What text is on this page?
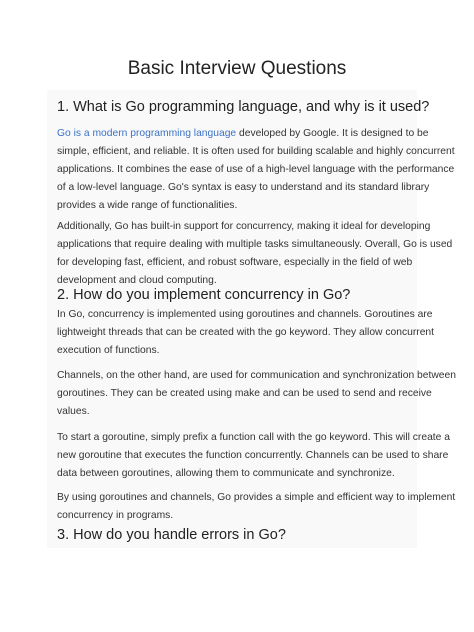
Basic Interview Questions
1. What is Go programming language, and why is it used?

Go is a modern programming language developed by Google. It is designed to be
simple, efficient, and reliable. It is often used for building scalable and highly concurrent
applications. It combines the ease of use of a high-level language with the performance
of a low-level language. Go's syntax is easy to understand and its standard library
provides a wide range of functionalities.

Additionally, Go has built-in support for concurrency, making it ideal for developing
applications that require dealing with multiple tasks simultaneously. Overall, Go is used
for developing fast, efficient, and robust software, especially in the field of web
development and cloud computing.

2. How do you implement concurrency in Go?

In Go, concurrency is implemented using goroutines and channels. Goroutines are
lightweight threads that can be created with the go keyword. They allow concurrent
execution of functions.

Channels, on the other hand, are used for communication and synchronization between
goroutines. They can be created using make and can be used to send and receive
values.

To start a goroutine, simply prefix a function call with the go keyword. This will create a
new goroutine that executes the function concurrently. Channels can be used to share
data between goroutines, allowing them to communicate and synchronize.

By using goroutines and channels, Go provides a simple and efficient way to implement
concurrency in programs.

3. How do you handle errors in Go?
